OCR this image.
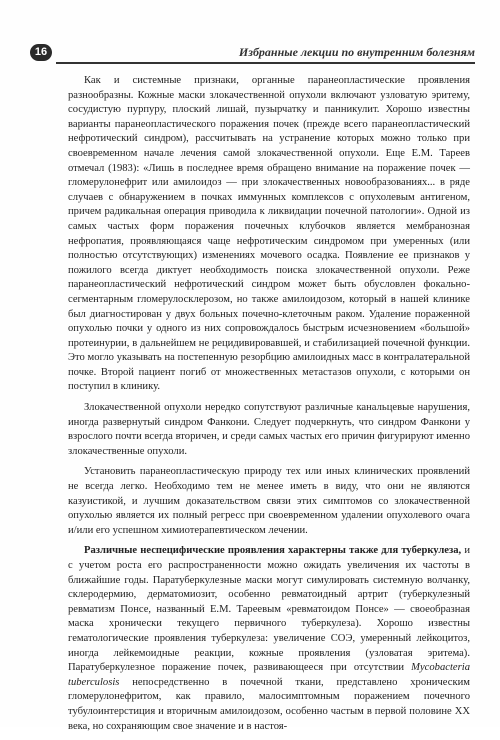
16	Избранные лекции по внутренним болезням

Как и системные признаки, органные паранеопластические проявления разнообразны. Кожные маски злокачественной опухоли включают узловатую эритему, сосудистую пурпуру, плоский лишай, пузырчатку и панникулит. Хорошо известны варианты паранеопластического поражения почек (прежде всего паранеопластический нефротический синдром), рассчитывать на устранение которых можно только при своевременном начале лечения самой злокачественной опухоли. Еще Е.М. Тареев отмечал (1983): «Лишь в последнее время обращено внимание на поражение почек — гломерулонефрит или амилоидоз — при злокачественных новообразованиях... в ряде случаев с обнаружением в почках иммунных комплексов с опухолевым антигеном, причем радикальная операция приводила к ликвидации почечной патологии». Одной из самых частых форм поражения почечных клубочков является мембранозная нефропатия, проявляющаяся чаще нефротическим синдромом при умеренных (или полностью отсутствующих) изменениях мочевого осадка. Появление ее признаков у пожилого всегда диктует необходимость поиска злокачественной опухоли. Реже паранеопластический нефротический синдром может быть обусловлен фокально-сегментарным гломерулосклерозом, но также амилоидозом, который в нашей клинике был диагностирован у двух больных почечно-клеточным раком. Удаление пораженной опухолью почки у одного из них сопровождалось быстрым исчезновением «большой» протеинурии, в дальнейшем не рецидивировавшей, и стабилизацией почечной функции. Это могло указывать на постепенную резорбцию амилоидных масс в контралатеральной почке. Второй пациент погиб от множественных метастазов опухоли, с которыми он поступил в клинику.

Злокачественной опухоли нередко сопутствуют различные канальцевые нарушения, иногда развернутый синдром Фанкони. Следует подчеркнуть, что синдром Фанкони у взрослого почти всегда вторичен, и среди самых частых его причин фигурируют именно злокачественные опухоли.

Установить паранеопластическую природу тех или иных клинических проявлений не всегда легко. Необходимо тем не менее иметь в виду, что они не являются казуистикой, и лучшим доказательством связи этих симптомов со злокачественной опухолью является их полный регресс при своевременном удалении опухолевого очага и/или его успешном химиотерапевтическом лечении.

Различные неспецифические проявления характерны также для туберкулеза, и с учетом роста его распространенности можно ожидать увеличения их частоты в ближайшие годы. Паратуберкулезные маски могут симулировать системную волчанку, склеродермию, дерматомиозит, особенно ревматоидный артрит (туберкулезный ревматизм Понсе, названный Е.М. Тареевым «ревматоидом Понсе» — своеобразная маска хронически текущего первичного туберкулеза). Хорошо известны гематологические проявления туберкулеза: увеличение СОЭ, умеренный лейкоцитоз, иногда лейкемоидные реакции, кожные проявления (узловатая эритема). Паратуберкулезное поражение почек, развивающееся при отсутствии Mycobacteria tuberculosis непосредственно в почечной ткани, представлено хроническим гломерулонефритом, как правило, малосимптомным поражением почечного тубулоинтерстиция и вторичным амилоидозом, особенно частым в первой половине XX века, но сохраняющим свое значение и в настоя-
